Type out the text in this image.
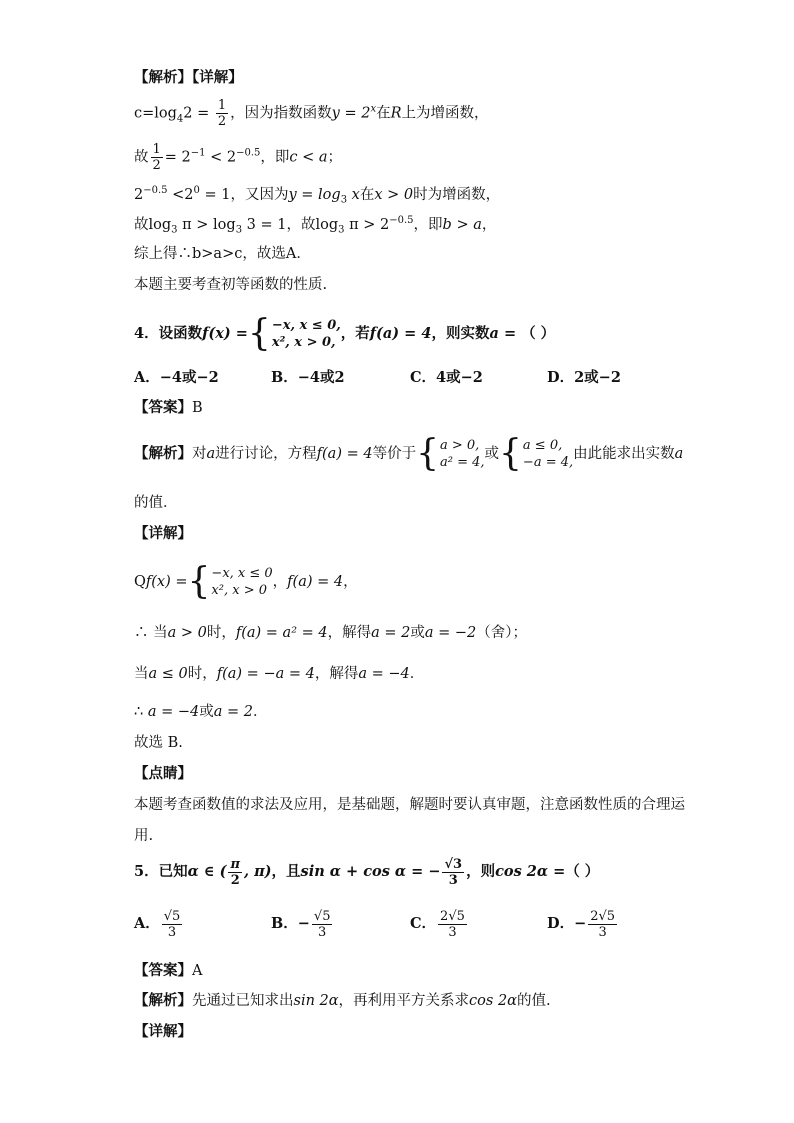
【解析】【详解】
$c=\log_42 = \frac{1}{2}$ ，因为指数函数$y = 2^x$在R上为增函数，
故 $\frac{1}{2} = 2^{-1} < 2^{-0.5}$，即c < a；
$2^{-0.5} <2^0 = 1$，又因为$y = \log_3 x$在x > 0时为增函数，
故$\log_3 \pi > \log_3 3 = 1$，故$\log_3 \pi > 2^{-0.5}$，即b > a，
综上得∴b>a>c，故选A．
本题主要考查初等函数的性质.
4．设函数f(x) ={ −x, x ≤ 0,
x², x > 0,
，若f(a) = 4，则实数a = （ ）
A．−4或−2	B．−4或2	C．4或−2	D．2或−2
【答案】B
【解析】对a进行讨论，方程f(a) = 4等价于{ a > 0,
a² = 4,
或{ a ≤ 0,
−a = 4,
由此能求出实数a
的值．
【详解】
Qf(x) ={ −x, x ≤ 0
x², x > 0
，f(a) = 4，
∴ 当a > 0时，f(a) = a² = 4，解得a = 2或a = −2（舍）；
当a ≤ 0时，f(a) = −a = 4，解得a = −4．
∴ a = −4或a = 2．
故选 B.
【点睛】
本题考查函数值的求法及应用，是基础题，解题时要认真审题，注意函数性质的合理运
用.
5．已知α ∈ ( $\frac{\pi}{2}$ , π)，且sin α + cos α = − $\frac{√3}{3}$ ，则cos 2α =（ ）
A． $\frac{√5}{3}$	B．− $\frac{√5}{3}$	C． $\frac{2√5}{3}$	D．− $\frac{2√5}{3}$
【答案】A
【解析】先通过已知求出sin 2α，再利用平方关系求cos 2α的值.
【详解】
